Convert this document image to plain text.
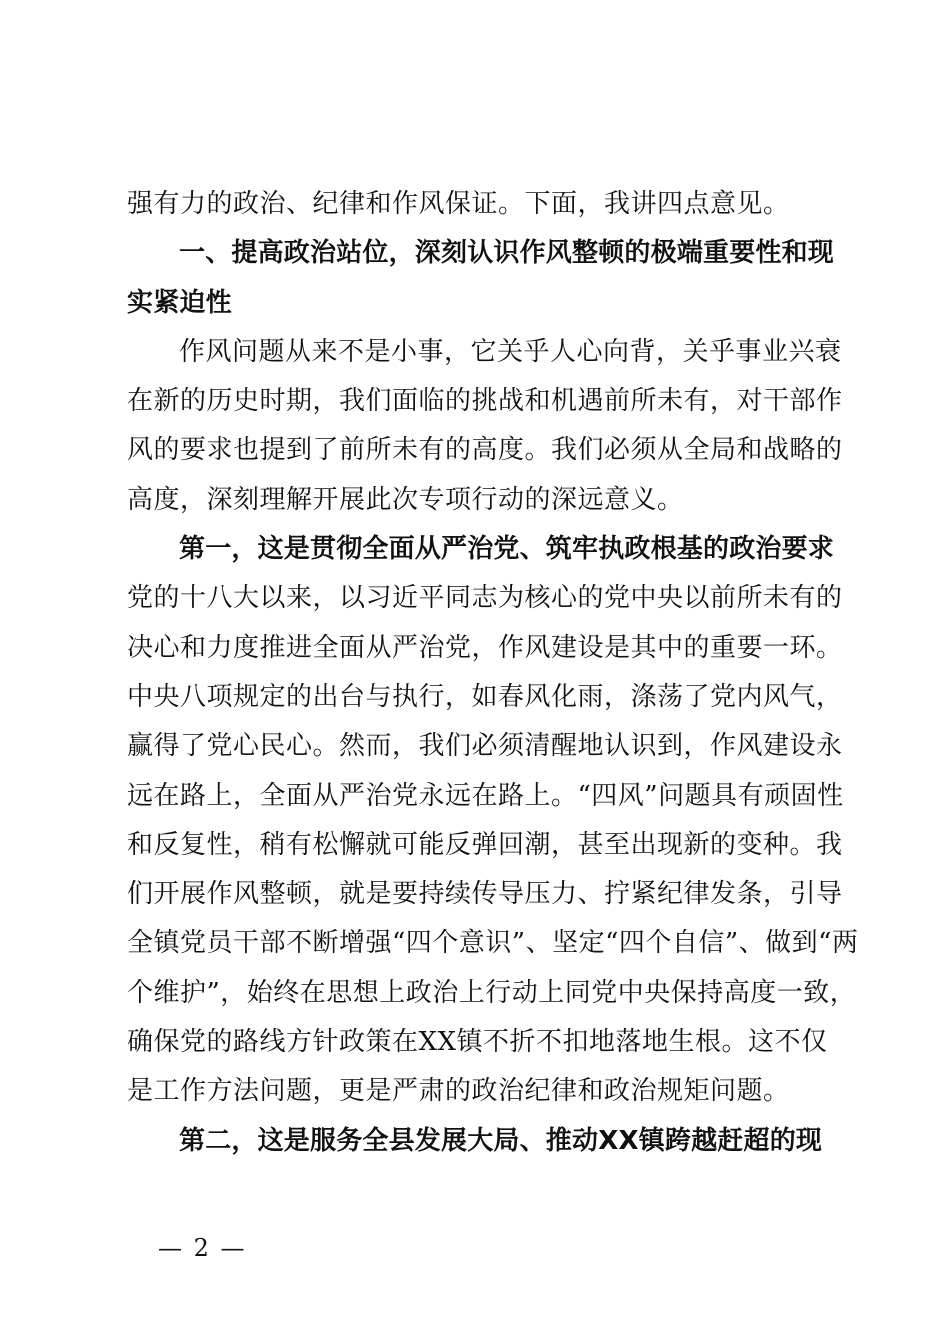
强有力的政治、纪律和作风保证。下面，我讲四点意见。
一、提高政治站位，深刻认识作风整顿的极端重要性和现
实紧迫性
作风问题从来不是小事，它关乎人心向背，关乎事业兴衰
在新的历史时期，我们面临的挑战和机遇前所未有，对干部作
风的要求也提到了前所未有的高度。我们必须从全局和战略的
高度，深刻理解开展此次专项行动的深远意义。
第一，这是贯彻全面从严治党、筑牢执政根基的政治要求
党的十八大以来，以习近平同志为核心的党中央以前所未有的
决心和力度推进全面从严治党，作风建设是其中的重要一环。
中央八项规定的出台与执行，如春风化雨，涤荡了党内风气，
赢得了党心民心。然而，我们必须清醒地认识到，作风建设永
远在路上，全面从严治党永远在路上。“四风”问题具有顽固性
和反复性，稍有松懈就可能反弹回潮，甚至出现新的变种。我
们开展作风整顿，就是要持续传导压力、拧紧纪律发条，引导
全镇党员干部不断增强“四个意识”、坚定“四个自信”、做到“两
个维护”，始终在思想上政治上行动上同党中央保持高度一致，
确保党的路线方针政策在XX镇不折不扣地落地生根。这不仅
是工作方法问题，更是严肃的政治纪律和政治规矩问题。
第二，这是服务全县发展大局、推动XX镇跨越赶超的现
— 2 —
